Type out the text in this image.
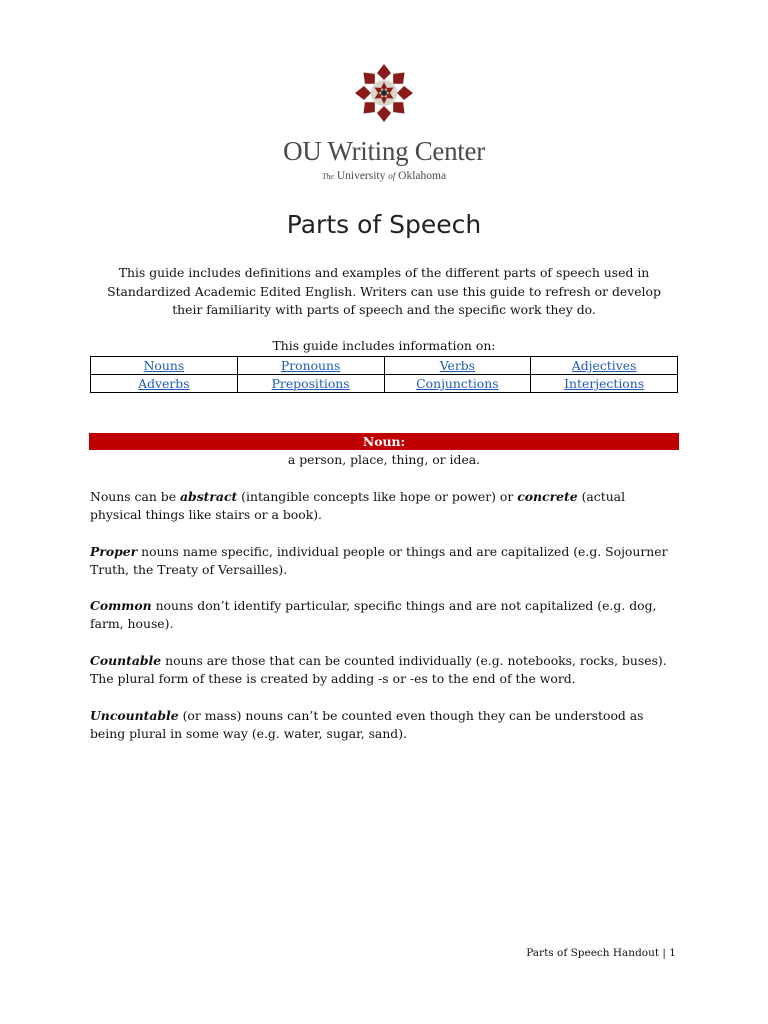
OU Writing Center
The University of Oklahoma
Parts of Speech

This guide includes definitions and examples of the different parts of speech used in Standardized Academic Edited English. Writers can use this guide to refresh or develop their familiarity with parts of speech and the specific work they do.

This guide includes information on:

Nouns	Pronouns	Verbs	Adjectives
Adverbs	Prepositions	Conjunctions	Interjections
Noun:

a person, place, thing, or idea.

Nouns can be abstract (intangible concepts like hope or power) or concrete (actual physical things like stairs or a book).

Proper nouns name specific, individual people or things and are capitalized (e.g. Sojourner Truth, the Treaty of Versailles).

Common nouns don’t identify particular, specific things and are not capitalized (e.g. dog, farm, house).

Countable nouns are those that can be counted individually (e.g. notebooks, rocks, buses). The plural form of these is created by adding -s or -es to the end of the word.

Uncountable (or mass) nouns can’t be counted even though they can be understood as being plural in some way (e.g. water, sugar, sand).

Parts of Speech Handout | 1
